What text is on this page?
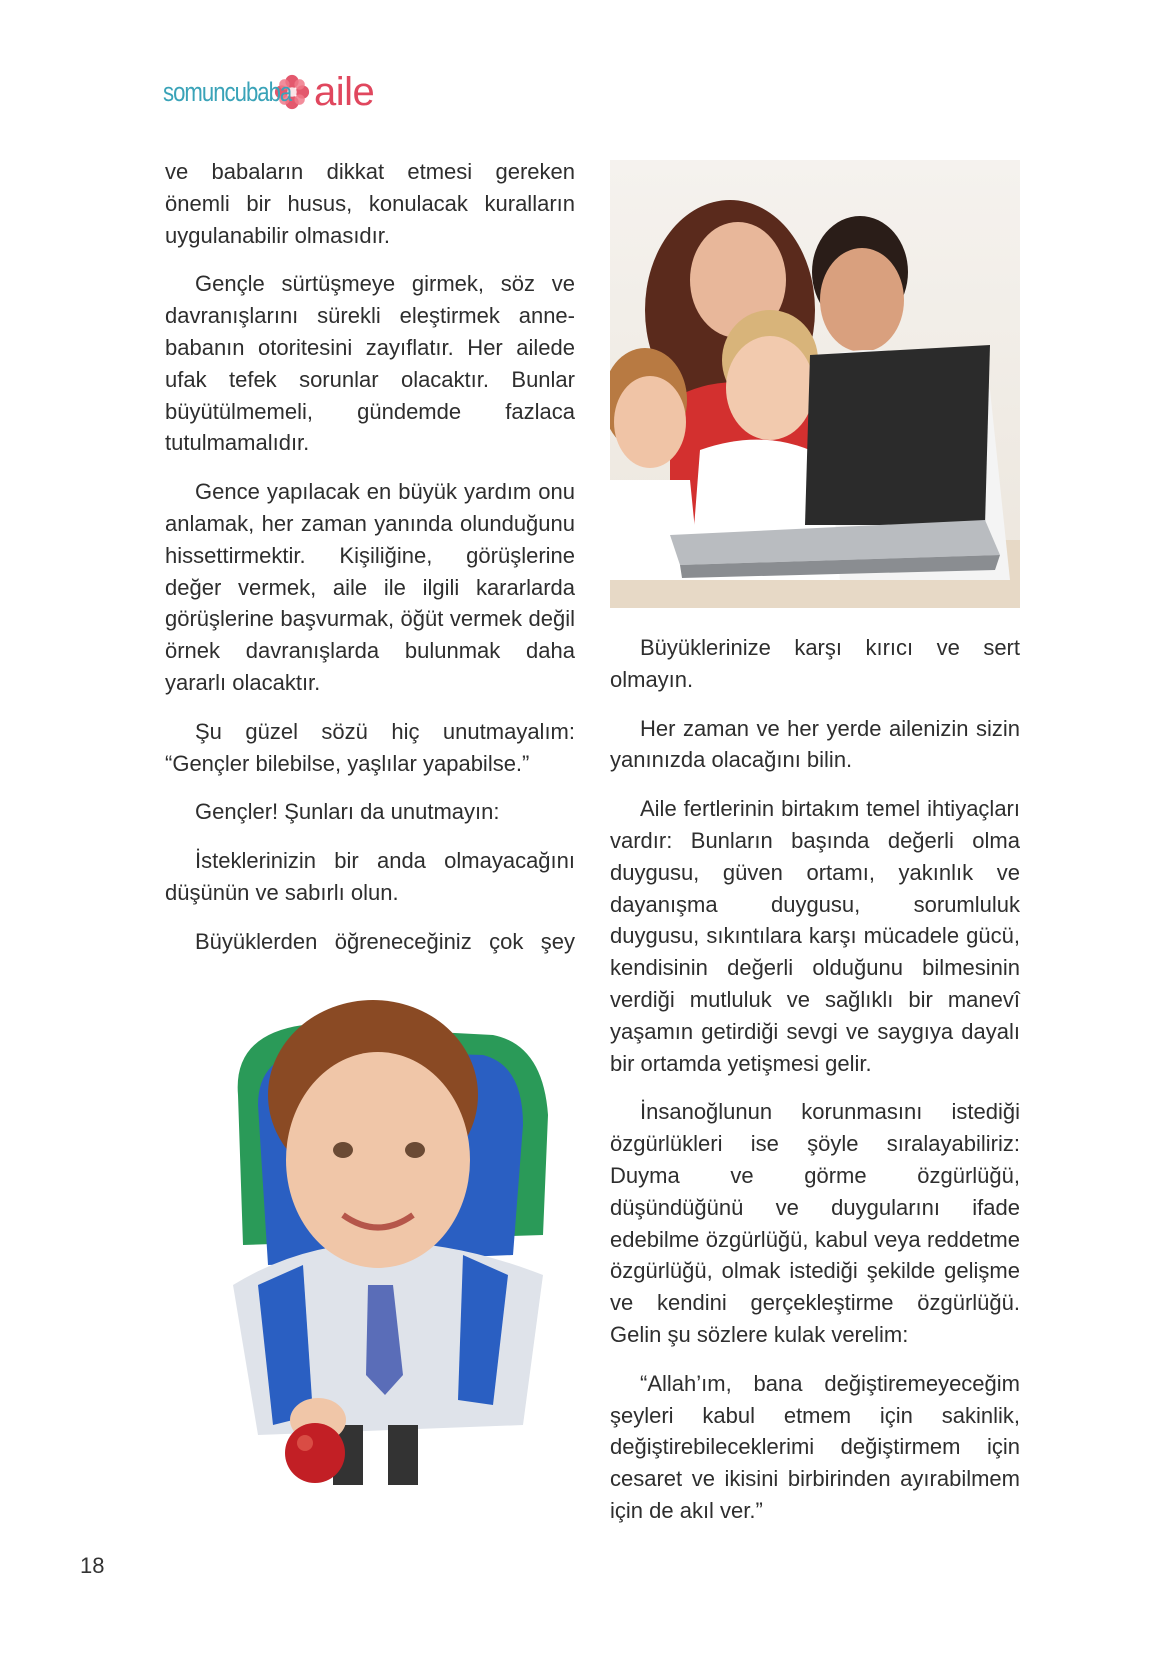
somuncubaba aile

ve babaların dikkat etmesi gereken önemli bir husus, konulacak kuralların uygulanabilir olmasıdır.

Gençle sürtüşmeye girmek, söz ve davranışlarını sürekli eleştirmek anne-babanın otoritesini zayıflatır. Her ailede ufak tefek sorunlar olacaktır. Bunlar büyütülmemeli, gündemde fazlaca tutulmamalıdır.

Gence yapılacak en büyük yardım onu anlamak, her zaman yanında olunduğunu hissettirmektir. Kişiliğine, görüşlerine değer vermek, aile ile ilgili kararlarda görüşlerine başvurmak, öğüt vermek değil örnek davranışlarda bulunmak daha yararlı olacaktır.

Şu güzel sözü hiç unutmayalım: “Gençler bilebilse, yaşlılar yapabilse.”

Gençler! Şunları da unutmayın:

İsteklerinizin bir anda olmayacağını düşünün ve sabırlı olun.

Büyüklerden öğreneceğiniz çok şey

Büyüklerinize karşı kırıcı ve sert olmayın.

Her zaman ve her yerde ailenizin sizin yanınızda olacağını bilin.

Aile fertlerinin birtakım temel ihtiyaçları vardır: Bunların başında değerli olma duygusu, güven ortamı, yakınlık ve dayanışma duygusu, sorumluluk duygusu, sıkıntılara karşı mücadele gücü, kendisinin değerli olduğunu bilmesinin verdiği mutluluk ve sağlıklı bir manevî yaşamın getirdiği sevgi ve saygıya dayalı bir ortamda yetişmesi gelir.

İnsanoğlunun korunmasını istediği özgürlükleri ise şöyle sıralayabiliriz: Duyma ve görme özgürlüğü, düşündüğünü ve duygularını ifade edebilme özgürlüğü, kabul veya reddetme özgürlüğü, olmak istediği şekilde gelişme ve kendini gerçekleştirme özgürlüğü. Gelin şu sözlere kulak verelim:

“Allah’ım, bana değiştiremeyeceğim şeyleri kabul etmem için sakinlik, değiştirebileceklerimi değiştirmem için cesaret ve ikisini birbirinden ayırabilmem için de akıl ver.”

18
